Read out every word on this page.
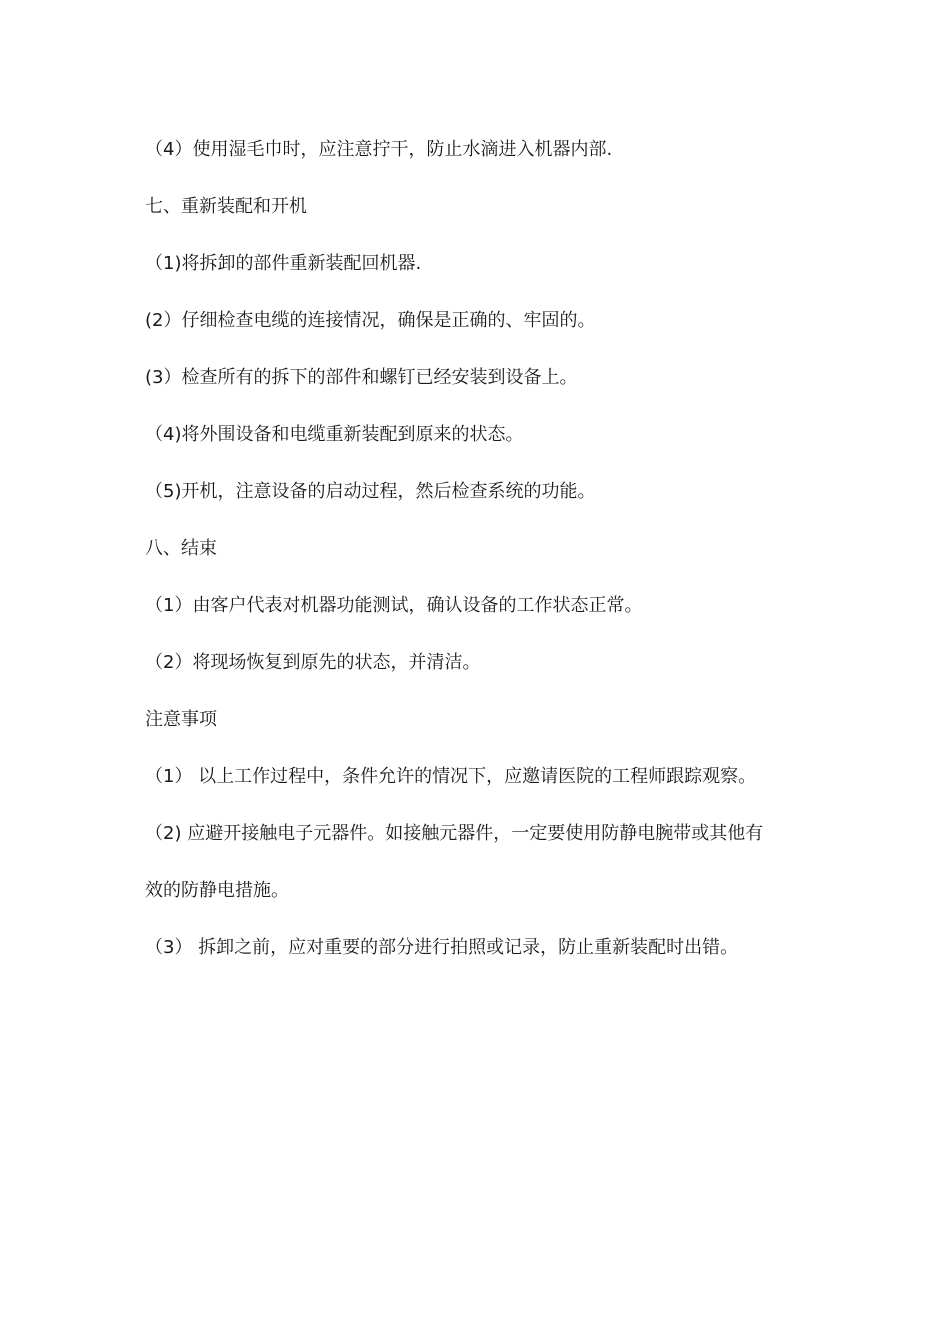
（4）使用湿毛巾时，应注意拧干，防止水滴进入机器内部.
七、重新装配和开机
（1)将拆卸的部件重新装配回机器.
(2）仔细检查电缆的连接情况，确保是正确的、牢固的。
(3）检查所有的拆下的部件和螺钉已经安装到设备上。
（4)将外围设备和电缆重新装配到原来的状态。
（5)开机，注意设备的启动过程，然后检查系统的功能。
八、结束
（1）由客户代表对机器功能测试，确认设备的工作状态正常。
（2）将现场恢复到原先的状态，并清洁。
注意事项
（1） 以上工作过程中，条件允许的情况下，应邀请医院的工程师跟踪观察。
（2) 应避开接触电子元器件。如接触元器件，一定要使用防静电腕带或其他有
效的防静电措施。
（3） 拆卸之前，应对重要的部分进行拍照或记录，防止重新装配时出错。
